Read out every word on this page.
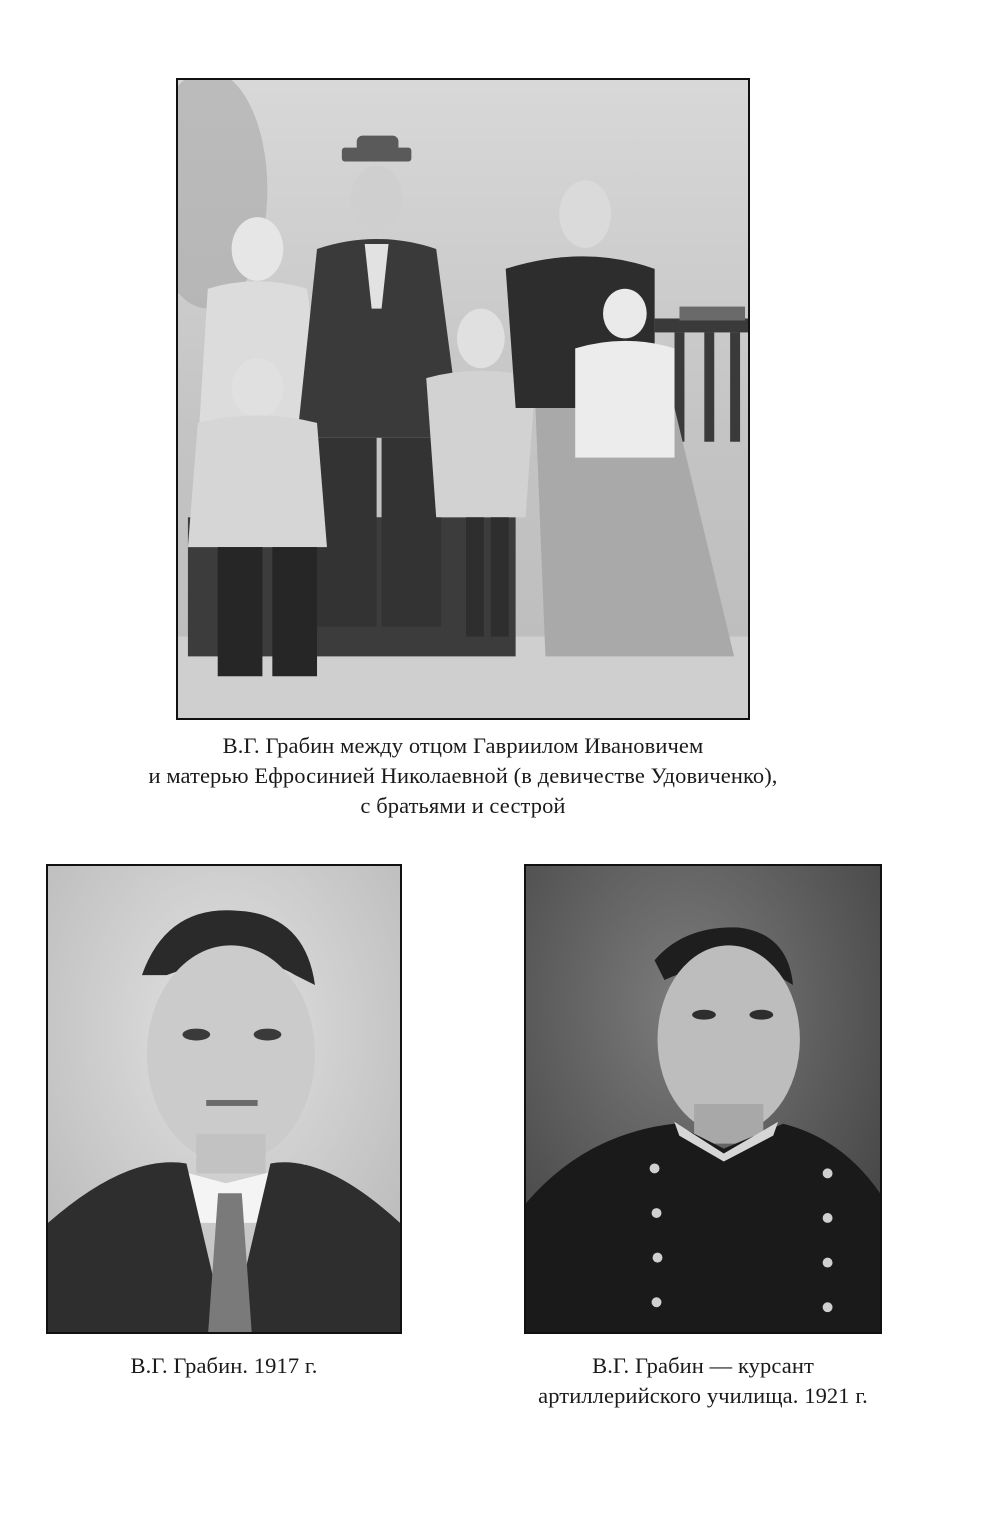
В.Г. Грабин между отцом Гавриилом Ивановичем
и матерью Ефросинией Николаевной (в девичестве Удовиченко),
с братьями и сестрой
В.Г. Грабин. 1917 г.	В.Г. Грабин — курсант
артиллерийского училища. 1921 г.
